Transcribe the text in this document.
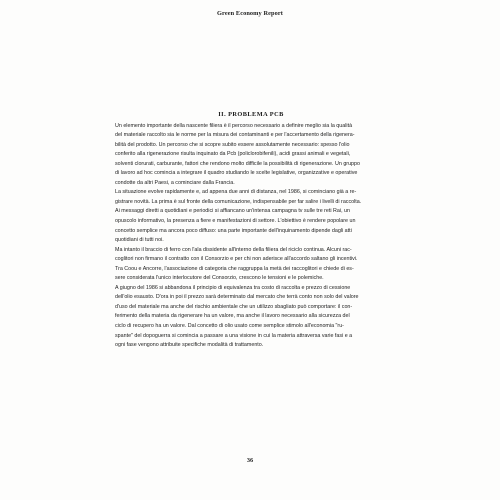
Green Economy Report
II. PROBLEMA PCB

Un elemento importante della nascente filiera è il percorso necessario a definire meglio sia la qualità
del materiale raccolto sia le norme per la misura dei contaminanti e per l'accertamento della rigenera-
bilità del prodotto. Un percorso che si scopre subito essere assolutamente necessario: spesso l'olio
conferito alla rigenerazione risulta inquinato da Pcb (policlorobifenili), acidi grassi animali e vegetali,
solventi clorurati, carburante, fattori che rendono molto difficile la possibilità di rigenerazione. Un gruppo
di lavoro ad hoc comincia a integrare il quadro studiando le scelte legislative, organizzative e operative
condotte da altri Paesi, a cominciare dalla Francia.

La situazione evolve rapidamente e, ad appena due anni di distanza, nel 1986, si cominciano già a re-
gistrare novità. La prima è sul fronte della comunicazione, indispensabile per far salire i livelli di raccolta.
Ai messaggi diretti a quotidiani e periodici si affiancano un'intensa campagna tv sulle tre reti Rai, un
opuscolo informativo, la presenza a fiere e manifestazioni di settore. L'obiettivo è rendere popolare un
concetto semplice ma ancora poco diffuso: una parte importante dell'inquinamento dipende dagli atti
quotidiani di tutti noi.

Ma intanto il braccio di ferro con l'ala dissidente all'interno della filiera del riciclo continua. Alcuni rac-
coglitori non firmano il contratto con il Consorzio e per chi non aderisce all'accordo saltano gli incentivi.
Tra Coou e Ancorre, l'associazione di categoria che raggruppa la metà dei raccoglitori e chiede di es-
sere considerata l'unico interlocutore del Consorzio, crescono le tensioni e le polemiche.

A giugno del 1986 si abbandona il principio di equivalenza tra costo di raccolta e prezzo di cessione
dell'olio esausto. D'ora in poi il prezzo sarà determinato dal mercato che terrà conto non solo del valore
d'uso del materiale ma anche del rischio ambientale che un utilizzo sbagliato può comportare: il con-
ferimento della materia da rigenerare ha un valore, ma anche il lavoro necessario alla sicurezza del
ciclo di recupero ha un valore. Dal concetto di olio usato come semplice stimolo all'economia "ru-
spante" del dopoguerra si comincia a passare a una visione in cui la materia attraversa varie fasi e a
ogni fase vengono attribuite specifiche modalità di trattamento.

36
